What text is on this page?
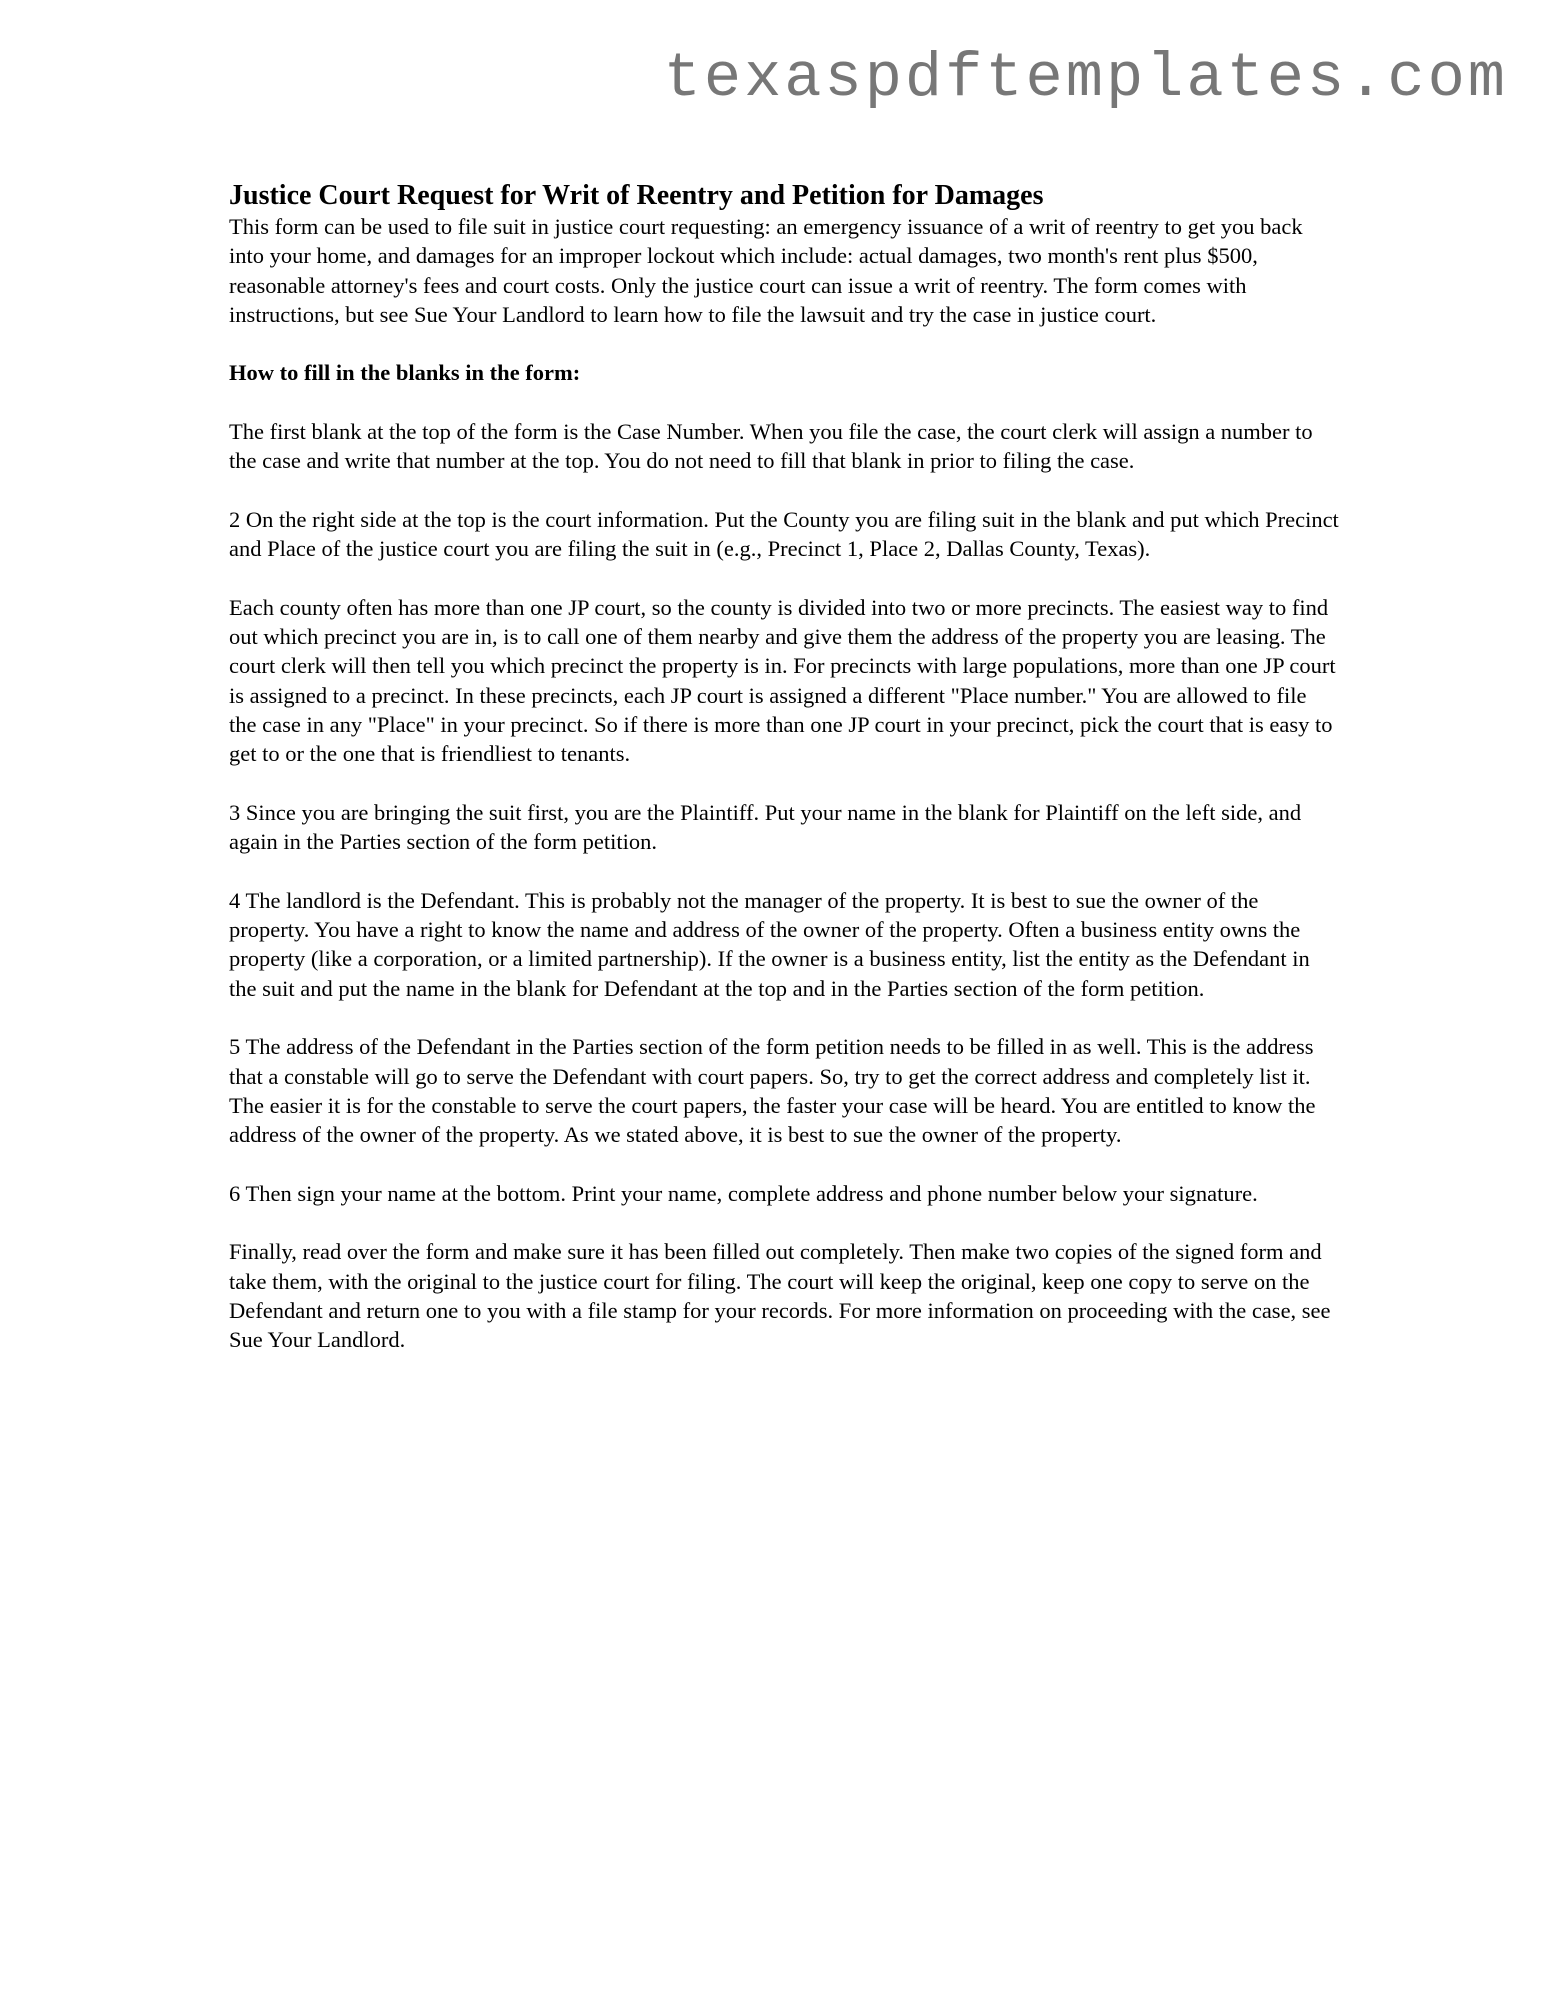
texaspdftemplates.com
Justice Court Request for Writ of Reentry and Petition for Damages

This form can be used to file suit in justice court requesting: an emergency issuance of a writ of reentry to get you back into your home, and damages for an improper lockout which include: actual damages, two month's rent plus $500, reasonable attorney's fees and court costs. Only the justice court can issue a writ of reentry. The form comes with instructions, but see Sue Your Landlord to learn how to file the lawsuit and try the case in justice court.

How to fill in the blanks in the form:

The first blank at the top of the form is the Case Number. When you file the case, the court clerk will assign a number to the case and write that number at the top. You do not need to fill that blank in prior to filing the case.

2 On the right side at the top is the court information. Put the County you are filing suit in the blank and put which Precinct and Place of the justice court you are filing the suit in (e.g., Precinct 1, Place 2, Dallas County, Texas).

Each county often has more than one JP court, so the county is divided into two or more precincts. The easiest way to find out which precinct you are in, is to call one of them nearby and give them the address of the property you are leasing. The court clerk will then tell you which precinct the property is in. For precincts with large populations, more than one JP court is assigned to a precinct. In these precincts, each JP court is assigned a different "Place number." You are allowed to file the case in any "Place" in your precinct. So if there is more than one JP court in your precinct, pick the court that is easy to get to or the one that is friendliest to tenants.

3 Since you are bringing the suit first, you are the Plaintiff. Put your name in the blank for Plaintiff on the left side, and again in the Parties section of the form petition.

4 The landlord is the Defendant. This is probably not the manager of the property. It is best to sue the owner of the property. You have a right to know the name and address of the owner of the property. Often a business entity owns the property (like a corporation, or a limited partnership). If the owner is a business entity, list the entity as the Defendant in the suit and put the name in the blank for Defendant at the top and in the Parties section of the form petition.

5 The address of the Defendant in the Parties section of the form petition needs to be filled in as well. This is the address that a constable will go to serve the Defendant with court papers. So, try to get the correct address and completely list it. The easier it is for the constable to serve the court papers, the faster your case will be heard. You are entitled to know the address of the owner of the property. As we stated above, it is best to sue the owner of the property.

6 Then sign your name at the bottom. Print your name, complete address and phone number below your signature.

Finally, read over the form and make sure it has been filled out completely. Then make two copies of the signed form and take them, with the original to the justice court for filing. The court will keep the original, keep one copy to serve on the Defendant and return one to you with a file stamp for your records. For more information on proceeding with the case, see Sue Your Landlord.
